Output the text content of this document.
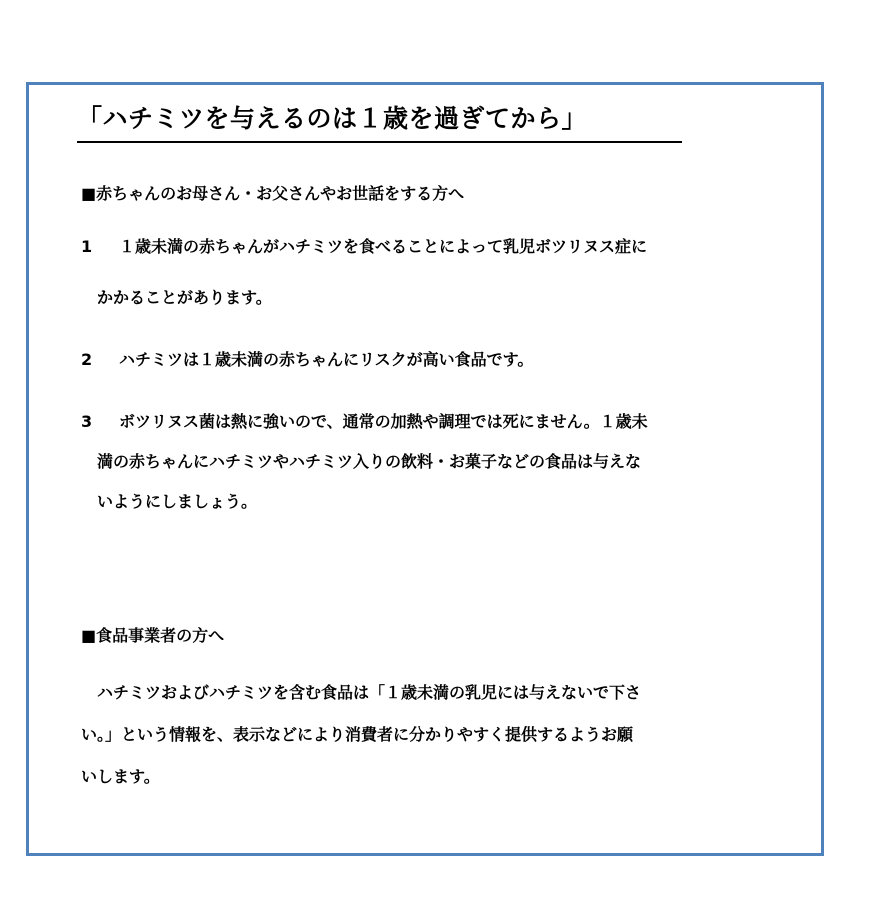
「ハチミツを与えるのは１歳を過ぎてから」
■赤ちゃんのお母さん・お父さんやお世話をする方へ
1 １歳未満の赤ちゃんがハチミツを食べることによって乳児ボツリヌス症に
かかることがあります。
2 ハチミツは１歳未満の赤ちゃんにリスクが高い食品です。
3 ボツリヌス菌は熱に強いので、通常の加熱や調理では死にません。１歳未
満の赤ちゃんにハチミツやハチミツ入りの飲料・お菓子などの食品は与えな
いようにしましょう。
■食品事業者の方へ
　ハチミツおよびハチミツを含む食品は「１歳未満の乳児には与えないで下さ
い。」という情報を、表示などにより消費者に分かりやすく提供するようお願
いします。
